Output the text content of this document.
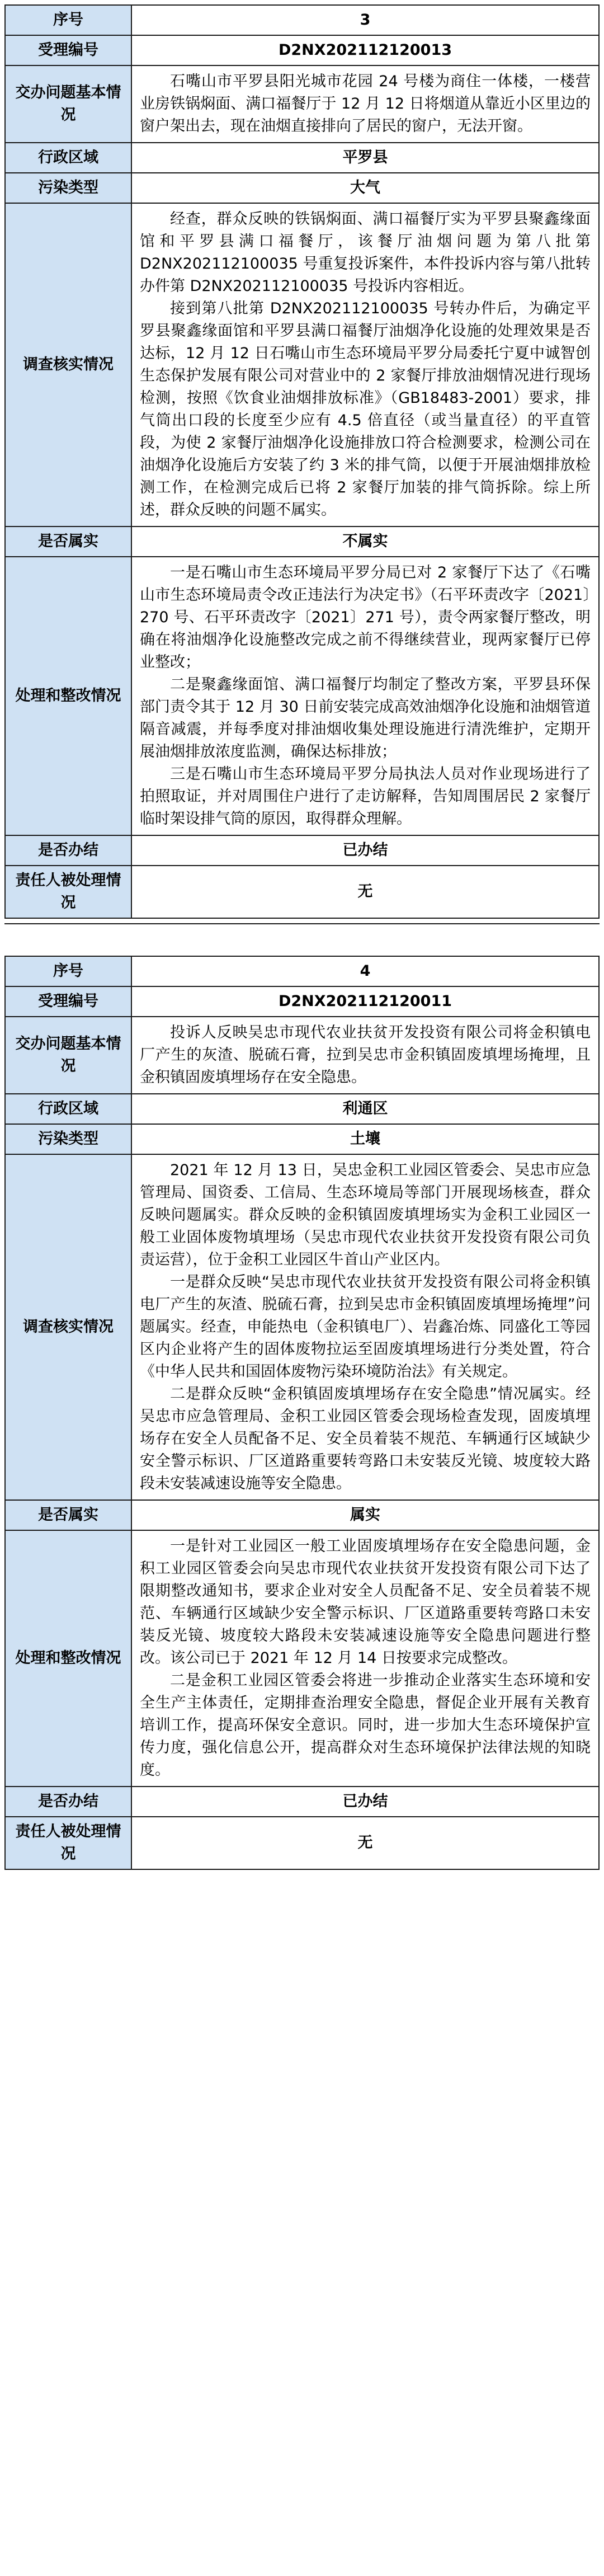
序号	3
受理编号	D2NX202112120013
交办问题基本情况	石嘴山市平罗县阳光城市花园 24 号楼为商住一体楼，一楼营业房铁锅焖面、满口福餐厅于 12 月 12 日将烟道从靠近小区里边的窗户架出去，现在油烟直接排向了居民的窗户，无法开窗。

行政区域	平罗县
污染类型	大气
调查核实情况	经查，群众反映的铁锅焖面、满口福餐厅实为平罗县聚鑫缘面馆和平罗县满口福餐厅，该餐厅油烟问题为第八批第 D2NX202112100035 号重复投诉案件，本件投诉内容与第八批转办件第 D2NX202112100035 号投诉内容相近。

接到第八批第 D2NX202112100035 号转办件后，为确定平罗县聚鑫缘面馆和平罗县满口福餐厅油烟净化设施的处理效果是否达标，12 月 12 日石嘴山市生态环境局平罗分局委托宁夏中诚智创生态保护发展有限公司对营业中的 2 家餐厅排放油烟情况进行现场检测，按照《饮食业油烟排放标准》（GB18483-2001）要求，排气筒出口段的长度至少应有 4.5 倍直径（或当量直径）的平直管段，为使 2 家餐厅油烟净化设施排放口符合检测要求，检测公司在油烟净化设施后方安装了约 3 米的排气筒，以便于开展油烟排放检测工作，在检测完成后已将 2 家餐厅加装的排气筒拆除。综上所述，群众反映的问题不属实。

是否属实	不属实
处理和整改情况	一是石嘴山市生态环境局平罗分局已对 2 家餐厅下达了《石嘴山市生态环境局责令改正违法行为决定书》（石平环责改字〔2021〕270 号、石平环责改字〔2021〕271 号），责令两家餐厅整改，明确在将油烟净化设施整改完成之前不得继续营业，现两家餐厅已停业整改；

二是聚鑫缘面馆、满口福餐厅均制定了整改方案，平罗县环保部门责令其于 12 月 30 日前安装完成高效油烟净化设施和油烟管道隔音减震，并每季度对排油烟收集处理设施进行清洗维护，定期开展油烟排放浓度监测，确保达标排放；

三是石嘴山市生态环境局平罗分局执法人员对作业现场进行了拍照取证，并对周围住户进行了走访解释，告知周围居民 2 家餐厅临时架设排气筒的原因，取得群众理解。

是否办结	已办结
责任人被处理情况	无
序号	4
受理编号	D2NX202112120011
交办问题基本情况	投诉人反映吴忠市现代农业扶贫开发投资有限公司将金积镇电厂产生的灰渣、脱硫石膏，拉到吴忠市金积镇固废填埋场掩埋，且金积镇固废填埋场存在安全隐患。

行政区域	利通区
污染类型	土壤
调查核实情况	2021 年 12 月 13 日，吴忠金积工业园区管委会、吴忠市应急管理局、国资委、工信局、生态环境局等部门开展现场核查，群众反映问题属实。群众反映的金积镇固废填埋场实为金积工业园区一般工业固体废物填埋场（吴忠市现代农业扶贫开发投资有限公司负责运营），位于金积工业园区牛首山产业区内。

一是群众反映“吴忠市现代农业扶贫开发投资有限公司将金积镇电厂产生的灰渣、脱硫石膏，拉到吴忠市金积镇固废填埋场掩埋”问题属实。经查，申能热电（金积镇电厂）、岩鑫冶炼、同盛化工等园区内企业将产生的固体废物拉运至固废填埋场进行分类处置，符合《中华人民共和国固体废物污染环境防治法》有关规定。

二是群众反映“金积镇固废填埋场存在安全隐患”情况属实。经吴忠市应急管理局、金积工业园区管委会现场检查发现，固废填埋场存在安全人员配备不足、安全员着装不规范、车辆通行区域缺少安全警示标识、厂区道路重要转弯路口未安装反光镜、坡度较大路段未安装减速设施等安全隐患。

是否属实	属实
处理和整改情况	一是针对工业园区一般工业固废填埋场存在安全隐患问题，金积工业园区管委会向吴忠市现代农业扶贫开发投资有限公司下达了限期整改通知书，要求企业对安全人员配备不足、安全员着装不规范、车辆通行区域缺少安全警示标识、厂区道路重要转弯路口未安装反光镜、坡度较大路段未安装减速设施等安全隐患问题进行整改。该公司已于 2021 年 12 月 14 日按要求完成整改。

二是金积工业园区管委会将进一步推动企业落实生态环境和安全生产主体责任，定期排查治理安全隐患，督促企业开展有关教育培训工作，提高环保安全意识。同时，进一步加大生态环境保护宣传力度，强化信息公开，提高群众对生态环境保护法律法规的知晓度。

是否办结	已办结
责任人被处理情况	无
